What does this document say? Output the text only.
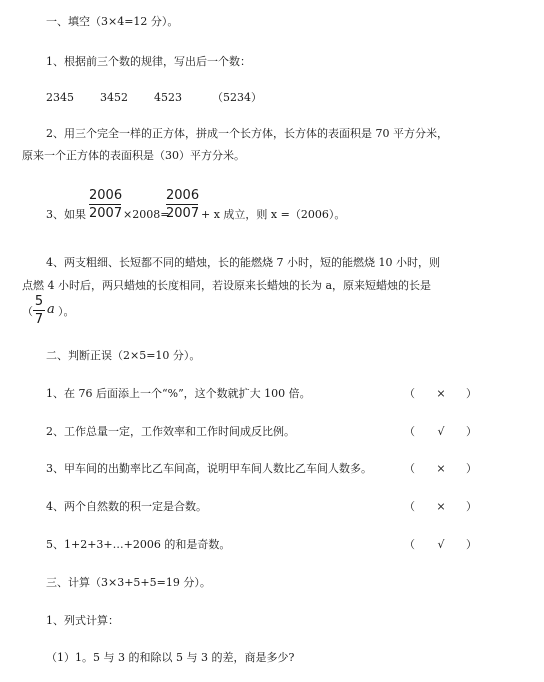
一、填空（3×4=12 分）。
1、根据前三个数的规律，写出后一个数：
2345 3452 4523	（5234）
2、用三个完全一样的正方体，拼成一个长方体，长方体的表面积是 70 平方分米，
原来一个正方体的表面积是（30）平方分米。
3、如果
2006
2007 ×2008=
2006
2007 + x 成立，则 x =（2006）。
4、两支粗细、长短都不同的蜡烛，长的能燃烧 7 小时，短的能燃烧 10 小时，则
点燃 4 小时后，两只蜡烛的长度相同，若设原来长蜡烛的长为 a，原来短蜡烛的长是
（
5
7
a ）。
二、判断正误（2×5=10 分）。
1、在 76 后面添上一个“%”，这个数就扩大 100 倍。	（	×	）
2、工作总量一定，工作效率和工作时间成反比例。	（	√	）
3、甲车间的出勤率比乙车间高，说明甲车间人数比乙车间人数多。	（	×	）
4、两个自然数的积一定是合数。	（	×	）
5、1+2+3+…+2006 的和是奇数。	（	√	）
三、计算（3×3+5+5=19 分）。
1、列式计算：
（1）1。5 与 3 的和除以 5 与 3 的差，商是多少?
